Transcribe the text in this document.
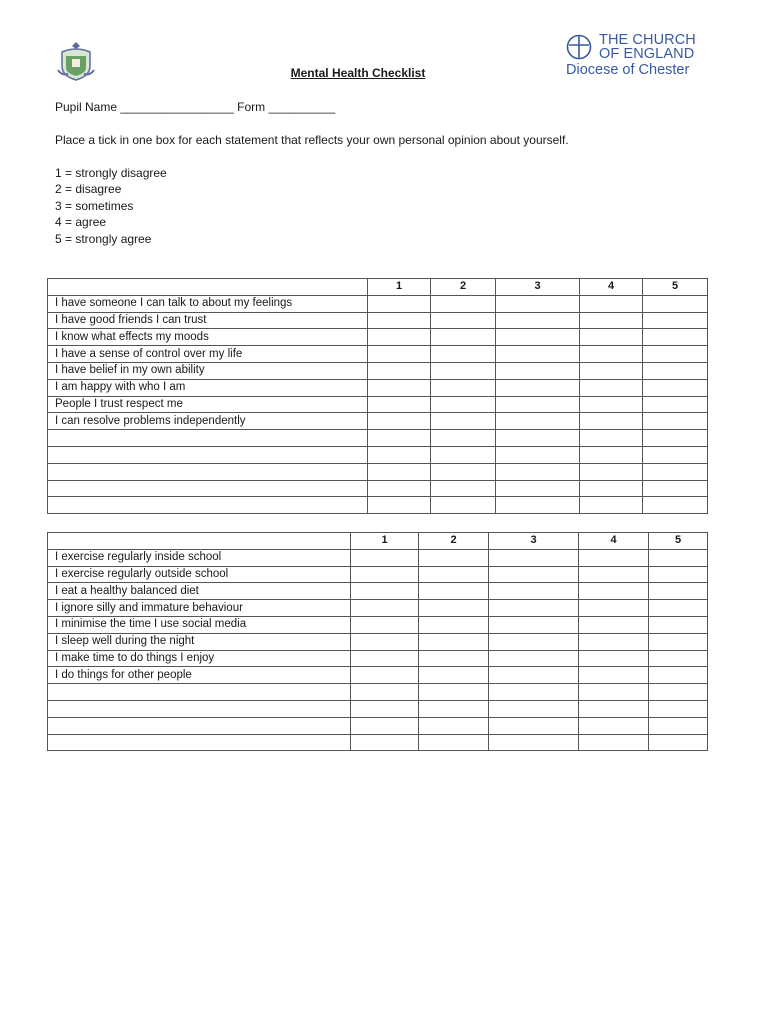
THE CHURCH
OF ENGLAND
Diocese of Chester
Mental Health Checklist
Pupil Name _________________ Form __________
Place a tick in one box for each statement that reflects your own personal opinion about yourself.
1 = strongly disagree
2 = disagree
3 = sometimes
4 = agree
5 = strongly agree
	1	2	3	4	5
I have someone I can talk to about my feelings					
I have good friends I can trust					
I know what effects my moods					
I have a sense of control over my life					
I have belief in my own ability					
I am happy with who I am					
People I trust respect me					
I can resolve problems independently					

	1	2	3	4	5
I exercise regularly inside school					
I exercise regularly outside school					
I eat a healthy balanced diet					
I ignore silly and immature behaviour					
I minimise the time I use social media					
I sleep well during the night					
I make time to do things I enjoy					
I do things for other people					
